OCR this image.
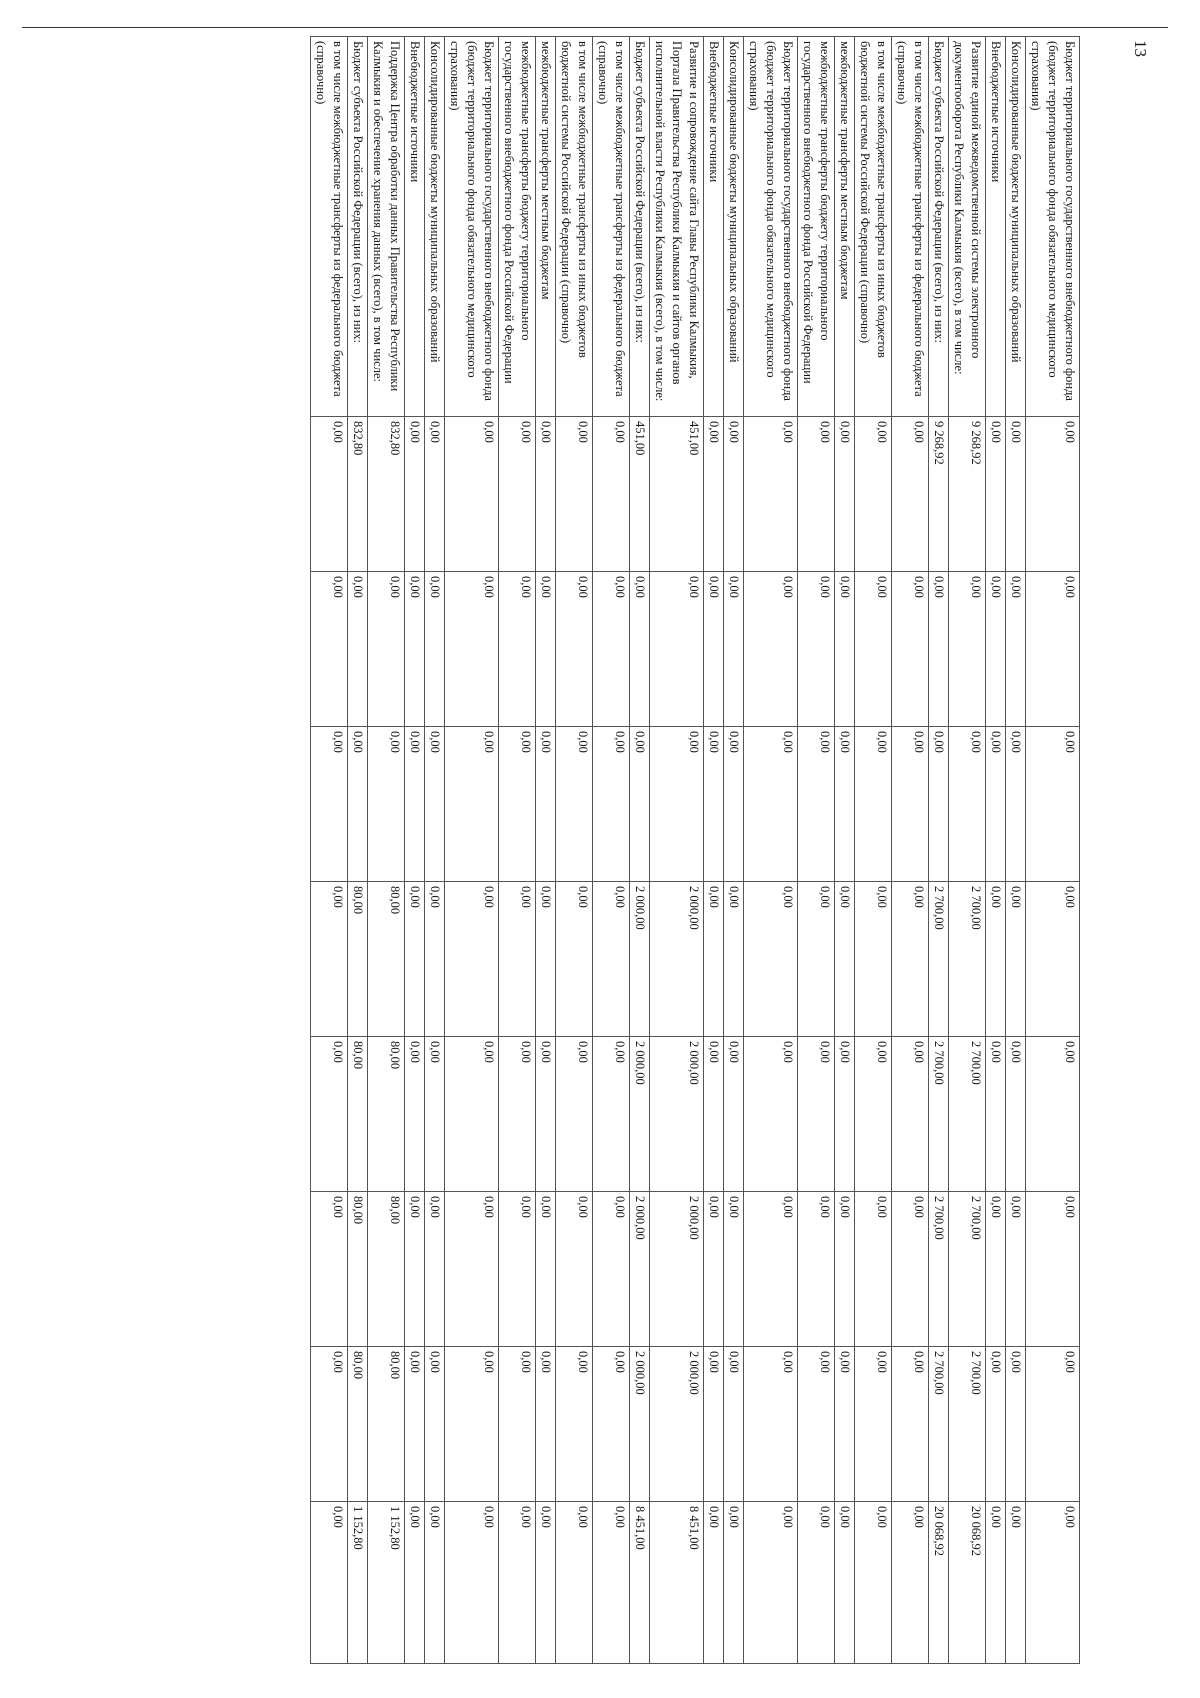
13
Бюджет территориального государственного внебюджетного фонда (бюджет территориального фонда обязательного медицинского страхования)	0,00	0,00	0,00	0,00	0,00	0,00	0,00	0,00
Консолидированные бюджеты муниципальных образований	0,00	0,00	0,00	0,00	0,00	0,00	0,00	0,00
Внебюджетные источники	0,00	0,00	0,00	0,00	0,00	0,00	0,00	0,00
Развитие единой межведомственной системы электронного документооборота Республики Калмыкия (всего), в том числе:	9 268,92	0,00	0,00	2 700,00	2 700,00	2 700,00	2 700,00	20 068,92
Бюджет субъекта Российской Федерации (всего), из них:	9 268,92	0,00	0,00	2 700,00	2 700,00	2 700,00	2 700,00	20 068,92
в том числе межбюджетные трансферты из федерального бюджета (справочно)	0,00	0,00	0,00	0,00	0,00	0,00	0,00	0,00
в том числе межбюджетные трансферты из иных бюджетов бюджетной системы Российской Федерации (справочно)	0,00	0,00	0,00	0,00	0,00	0,00	0,00	0,00
межбюджетные трансферты местным бюджетам	0,00	0,00	0,00	0,00	0,00	0,00	0,00	0,00
межбюджетные трансферты бюджету территориального государственного внебюджетного фонда Российской Федерации	0,00	0,00	0,00	0,00	0,00	0,00	0,00	0,00
Бюджет территориального государственного внебюджетного фонда (бюджет территориального фонда обязательного медицинского страхования)	0,00	0,00	0,00	0,00	0,00	0,00	0,00	0,00
Консолидированные бюджеты муниципальных образований	0,00	0,00	0,00	0,00	0,00	0,00	0,00	0,00
Внебюджетные источники	0,00	0,00	0,00	0,00	0,00	0,00	0,00	0,00
Развитие и сопровождение сайта Главы Республики Калмыкия, Портала Правительства Республики Калмыкия и сайтов органов исполнительной власти Республики Калмыкия (всего), в том числе:	451,00	0,00	0,00	2 000,00	2 000,00	2 000,00	2 000,00	8 451,00
Бюджет субъекта Российской Федерации (всего), из них:	451,00	0,00	0,00	2 000,00	2 000,00	2 000,00	2 000,00	8 451,00
в том числе межбюджетные трансферты из федерального бюджета (справочно)	0,00	0,00	0,00	0,00	0,00	0,00	0,00	0,00
в том числе межбюджетные трансферты из иных бюджетов бюджетной системы Российской Федерации (справочно)	0,00	0,00	0,00	0,00	0,00	0,00	0,00	0,00
межбюджетные трансферты местным бюджетам	0,00	0,00	0,00	0,00	0,00	0,00	0,00	0,00
межбюджетные трансферты бюджету территориального государственного внебюджетного фонда Российской Федерации	0,00	0,00	0,00	0,00	0,00	0,00	0,00	0,00
Бюджет территориального государственного внебюджетного фонда (бюджет территориального фонда обязательного медицинского страхования)	0,00	0,00	0,00	0,00	0,00	0,00	0,00	0,00
Консолидированные бюджеты муниципальных образований	0,00	0,00	0,00	0,00	0,00	0,00	0,00	0,00
Внебюджетные источники	0,00	0,00	0,00	0,00	0,00	0,00	0,00	0,00
Поддержка Центра обработки данных Правительства Республики Калмыкия и обеспечение хранения данных (всего), в том числе:	832,80	0,00	0,00	80,00	80,00	80,00	80,00	1 152,80
Бюджет субъекта Российской Федерации (всего), из них:	832,80	0,00	0,00	80,00	80,00	80,00	80,00	1 152,80
в том числе межбюджетные трансферты из федерального бюджета (справочно)	0,00	0,00	0,00	0,00	0,00	0,00	0,00	0,00
